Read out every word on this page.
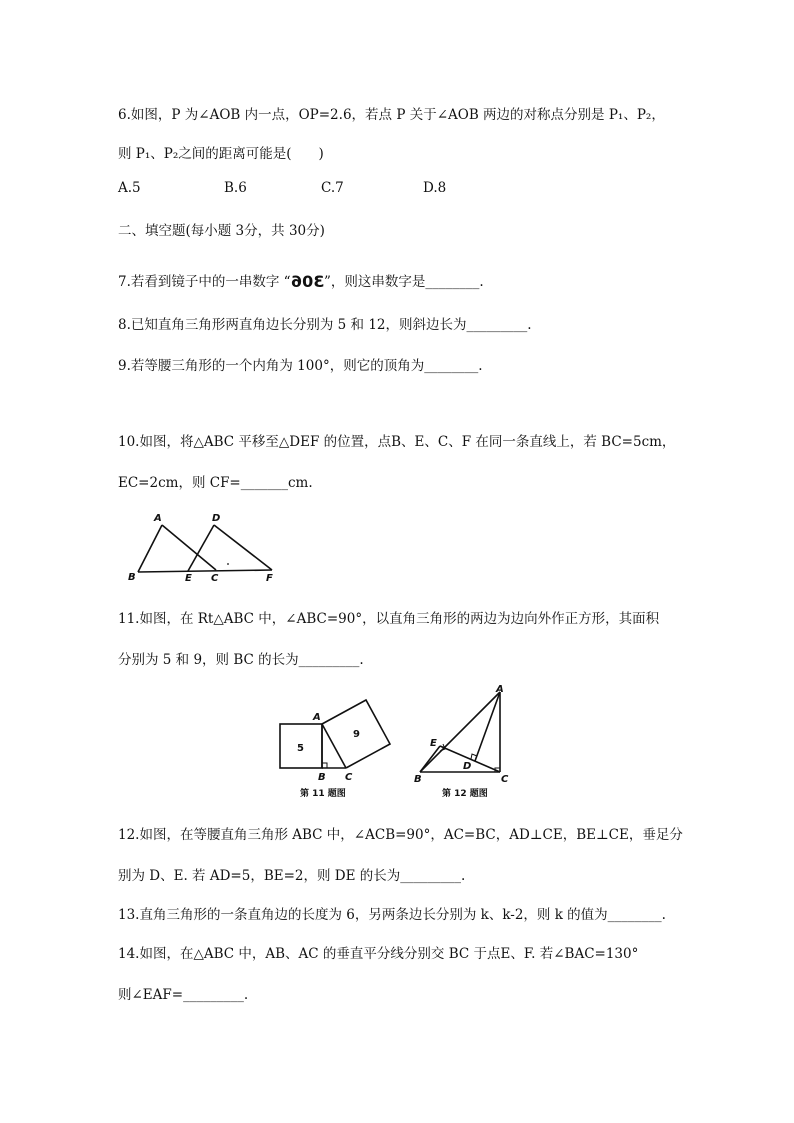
6.如图，P 为∠AOB 内一点，OP=2.6，若点 P 关于∠AOB 两边的对称点分别是 P₁、P₂，
则 P₁、P₂之间的距离可能是(　　)
A.5	B.6	C.7	D.8
二、填空题(每小题 3分，共 30分)
7.若看到镜子中的一串数字 “306”，则这串数字是________.
8.已知直角三角形两直角边长分别为 5 和 12，则斜边长为_________.
9.若等腰三角形的一个内角为 100°，则它的顶角为________.
10.如图，将△ABC 平移至△DEF 的位置，点B、E、C、F 在同一条直线上，若 BC=5cm，
EC=2cm，则 CF=_______cm.
A	D
B	E C	F
11.如图，在 Rt△ABC 中，∠ABC=90°，以直角三角形的两边为边向外作正方形，其面积
分别为 5 和 9，则 BC 的长为_________.
5
9
A
B C
第 11 题图
A
E
D
B	C
第 12 题图
12.如图，在等腰直角三角形 ABC 中，∠ACB=90°，AC=BC，AD⊥CE，BE⊥CE，垂足分
别为 D、E. 若 AD=5，BE=2，则 DE 的长为_________.
13.直角三角形的一条直角边的长度为 6，另两条边长分别为 k、k-2，则 k 的值为________.
14.如图，在△ABC 中，AB、AC 的垂直平分线分别交 BC 于点E、F. 若∠BAC=130°
则∠EAF=_________.
